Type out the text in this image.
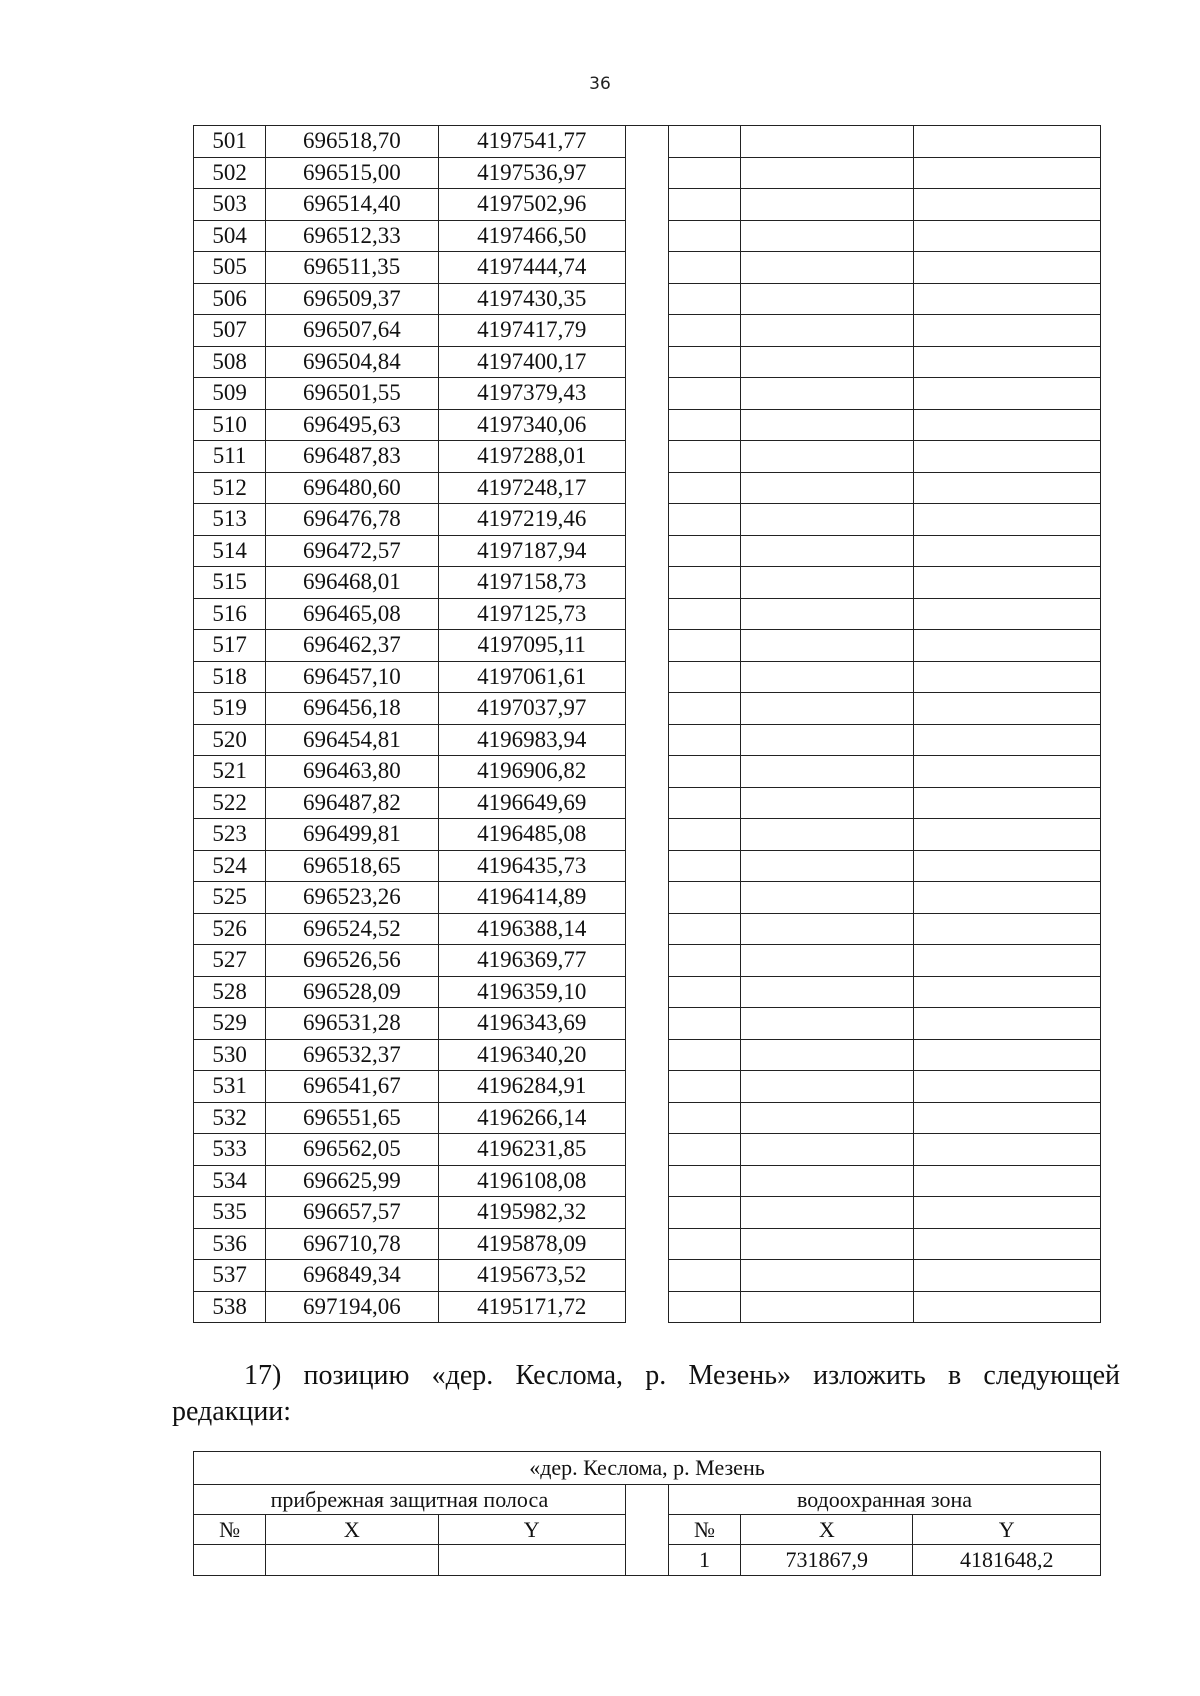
36
501	696518,70	4197541,77				
502	696515,00	4197536,97				
503	696514,40	4197502,96				
504	696512,33	4197466,50				
505	696511,35	4197444,74				
506	696509,37	4197430,35				
507	696507,64	4197417,79				
508	696504,84	4197400,17				
509	696501,55	4197379,43				
510	696495,63	4197340,06				
511	696487,83	4197288,01				
512	696480,60	4197248,17				
513	696476,78	4197219,46				
514	696472,57	4197187,94				
515	696468,01	4197158,73				
516	696465,08	4197125,73				
517	696462,37	4197095,11				
518	696457,10	4197061,61				
519	696456,18	4197037,97				
520	696454,81	4196983,94				
521	696463,80	4196906,82				
522	696487,82	4196649,69				
523	696499,81	4196485,08				
524	696518,65	4196435,73				
525	696523,26	4196414,89				
526	696524,52	4196388,14				
527	696526,56	4196369,77				
528	696528,09	4196359,10				
529	696531,28	4196343,69				
530	696532,37	4196340,20				
531	696541,67	4196284,91				
532	696551,65	4196266,14				
533	696562,05	4196231,85				
534	696625,99	4196108,08				
535	696657,57	4195982,32				
536	696710,78	4195878,09				
537	696849,34	4195673,52				
538	697194,06	4195171,72				
17) позицию «дер. Кеслома, р. Мезень» изложить в следующей
редакции:
«дер. Кеслома, р. Мезень						
прибрежная защитная полоса				водоохранная зона		
№	X	Y		№	X	Y
				1	731867,9	4181648,2
